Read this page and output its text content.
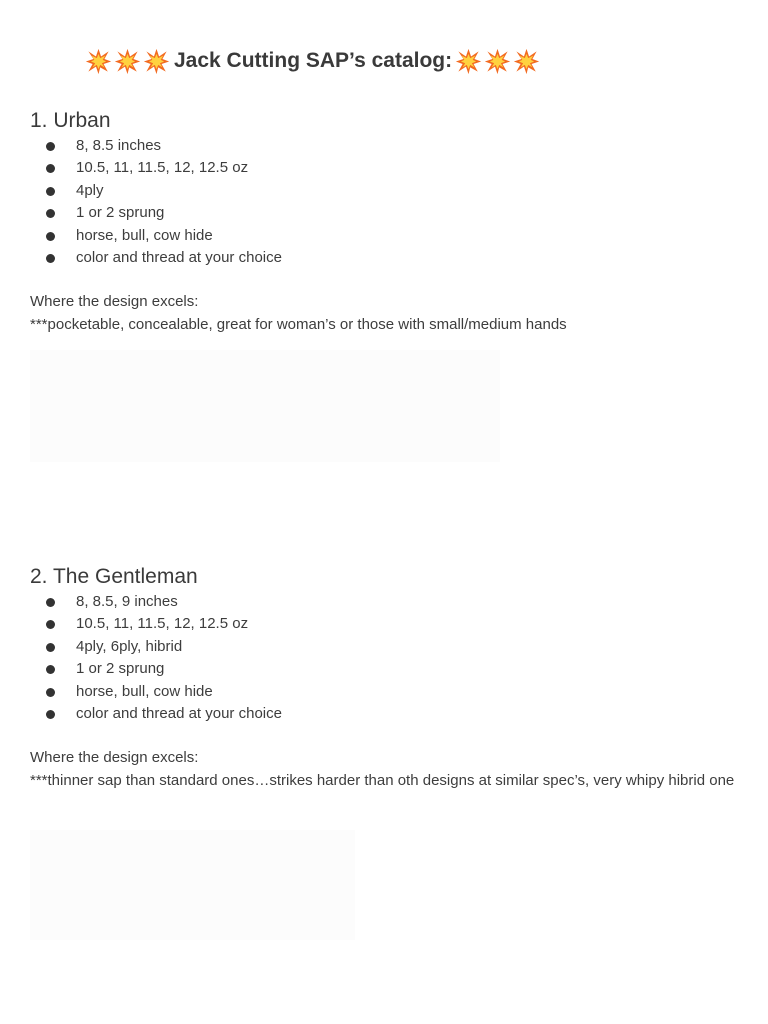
Jack Cutting SAP’s catalog:
1. Urban
8, 8.5 inches
10.5, 11, 11.5, 12, 12.5 oz
4ply
1 or 2 sprung
horse, bull, cow hide
color and thread at your choice

Where the design excels:

***pocketable, concealable, great for woman’s or those with small/medium hands

2. The Gentleman
8, 8.5, 9 inches
10.5, 11, 11.5, 12, 12.5 oz
4ply, 6ply, hibrid
1 or 2 sprung
horse, bull, cow hide
color and thread at your choice

Where the design excels:

***thinner sap than standard ones…strikes harder than oth designs at similar spec’s, very whipy hibrid one
